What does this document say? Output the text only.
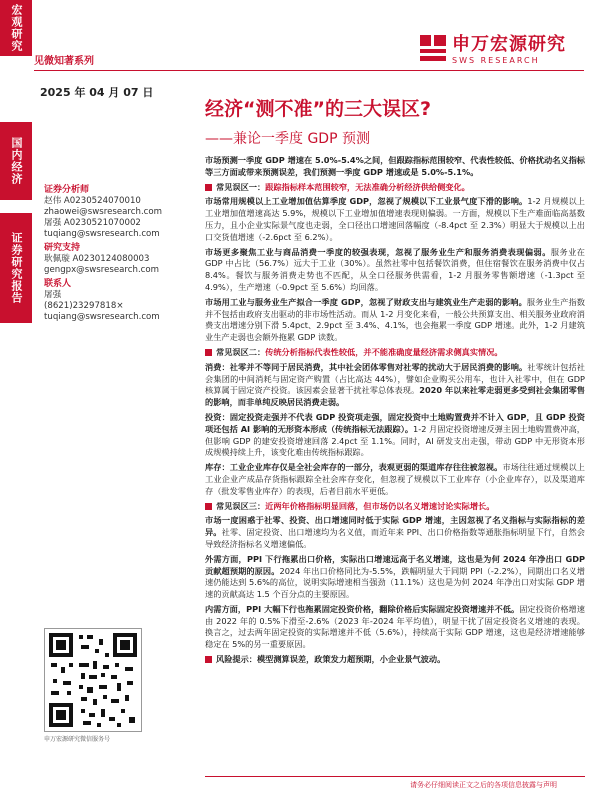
宏观研究
国内经济
证券研究报告
见微知著系列
申万宏源研究
SWS RESEARCH
2025 年 04 月 07 日
经济“测不准”的三大误区?
——兼论一季度 GDP 预测
证券分析师
赵伟 A0230524070010
zhaowei@swsresearch.com
屠强 A0230521070002
tuqiang@swsresearch.com
研究支持
耿佩璇 A0230124080003
gengpx@swsresearch.com
联系人
屠强
(8621)23297818×
tuqiang@swsresearch.com
申万宏源研究微信服务号

市场预测一季度 GDP 增速在 5.0%-5.4%之间，但跟踪指标范围较窄、代表性较低、价格扰动名义指标等三方面或带来预测误差，我们预测一季度 GDP 增速或是 5.0%-5.1%。

常见误区一：跟踪指标样本范围较窄，无法准确分析经济供给侧变化。

市场常用规模以上工业增加值估算季度 GDP，忽视了规模以下工业景气度下滑的影响。1-2 月规模以上工业增加值增速高达 5.9%，规模以下工业增加值增速表现则偏弱。一方面，规模以下生产难面临高基数压力，且小企业实际景气度也走弱，全口径出口增速回落幅度（-8.4pct 至 2.3%）明显大于规模以上出口交货值增速（-2.6pct 至 6.2%）。

市场更多聚焦工业与商品消费一季度的较强表现，忽视了服务业生产和服务消费表现偏弱。服务业在 GDP 中占比（56.7%）远大于工业（30%）。虽然社零中包括餐饮消费，但住宿餐饮在服务消费中仅占 8.4%。餐饮与服务消费走势也不匹配，从全口径服务供需看，1-2 月服务零售额增速（-1.3pct 至 4.9%），生产增速（-0.9pct 至 5.6%）均回落。

市场用工业与服务业生产拟合一季度 GDP，忽视了财政支出与建筑业生产走弱的影响。服务业生产指数并不包括由政府支出驱动的非市场性活动。而从 1-2 月变化来看，一般公共预算支出、相关服务业政府消费支出增速分别下滑 5.4pct、2.9pct 至 3.4%、4.1%，也会拖累一季度 GDP 增速。此外，1-2 月建筑业生产走弱也会额外拖累 GDP 读数。

常见误区二：传统分析指标代表性较低，并不能准确度量经济需求侧真实情况。

消费：社零并不等同于居民消费，其中社会团体零售对社零的扰动大于居民消费的影响。社零统计包括社会集团的中间消耗与固定资产购置（占比高达 44%），譬如企业购买公用车，也计入社零中，但在 GDP 核算属于固定资产投资。该因素会显著干扰社零总体表现。2020 年以来社零走弱更多受到社会集团零售的影响，而非单纯反映居民消费走弱。

投资：固定投资走强并不代表 GDP 投资项走强，固定投资中土地购置费并不计入 GDP，且 GDP 投资项还包括 AI 影响的无形资本形成（传统指标无法跟踪）。1-2 月固定投资增速反弹主因土地购置费冲高，但影响 GDP 的建安投资增速回落 2.4pct 至 1.1%。同时，AI 研发支出走强，带动 GDP 中无形资本形成规模持续上升，该变化难由传统指标跟踪。

库存：工业企业库存仅是全社会库存的一部分，表观更弱的渠道库存往往被忽视。市场往往通过规模以上工业企业产成品存货指标跟踪全社会库存变化，但忽视了规模以下工业库存（小企业库存），以及渠道库存（批发零售业库存）的表现，后者目前水平更低。

常见误区三：近两年价格指标明显回落，但市场仍以名义增速讨论实际增长。

市场一度困惑于社零、投资、出口增速同时低于实际 GDP 增速，主因忽视了名义指标与实际指标的差异。社零、固定投资、出口增速均为名义值，而近年来 PPI、出口价格指数等通胀指标明显下行，自然会导致经济指标名义增速偏低。

外需方面，PPI 下行拖累出口价格，实际出口增速远高于名义增速，这也是为何 2024 年净出口 GDP 贡献超预期的原因。2024 年出口价格同比为-5.5%，跌幅明显大于同期 PPI（-2.2%），同期出口名义增速仍能达到 5.6%的高位，说明实际增速相当强劲（11.1%）这也是为何 2024 年净出口对实际 GDP 增速的贡献高达 1.5 个百分点的主要原因。

内需方面，PPI 大幅下行也拖累固定投资价格，翻除价格后实际固定投资增速并不低。固定投资价格增速由 2022 年的 0.5%下滑至-2.6%（2023 年-2024 年平均值），明显干扰了固定投资名义增速的表现。换言之，过去两年固定投资的实际增速并不低（5.6%），持续高于实际 GDP 增速，这也是经济增速能够稳定在 5%的另一重要原因。

风险提示：模型测算误差，政策发力超预期，小企业景气波动。
请务必仔细阅读正文之后的各项信息披露与声明
